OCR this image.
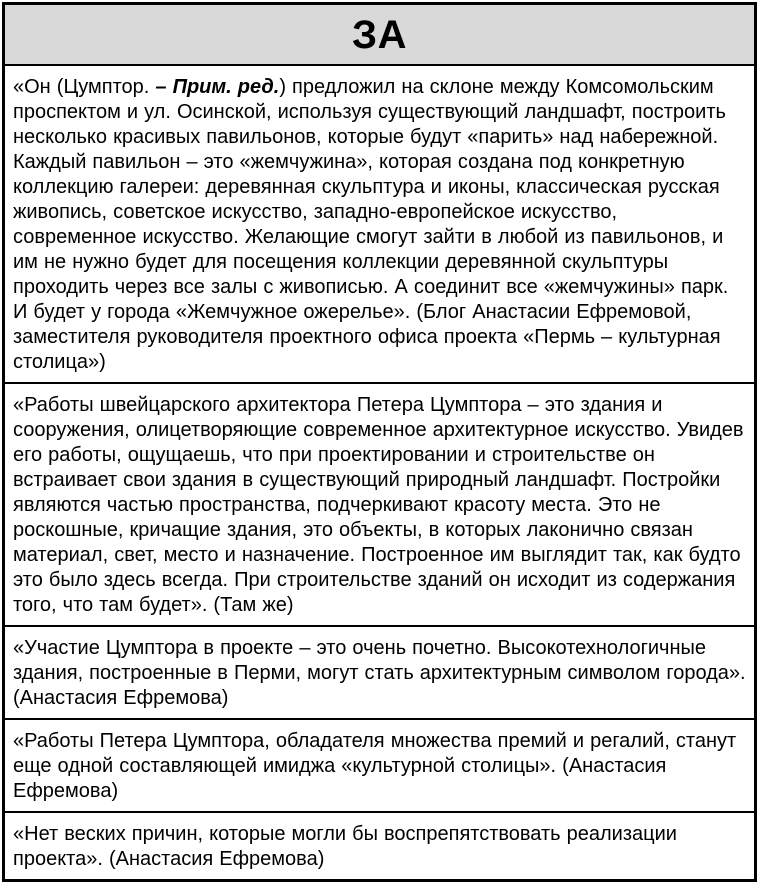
ЗА

«Он (Цумптор. – Прим. ред.) предложил на склоне между Комсомольским проспектом и ул. Осинской, используя существующий ландшафт, построить несколько красивых павильонов, которые будут «парить» над набережной. Каждый павильон – это «жемчужина», которая создана под конкретную коллекцию галереи: деревянная скульптура и иконы, классическая русская живопись, советское искусство, западно-европейское искусство, современное искусство. Желающие смогут зайти в любой из павильонов, и им не нужно будет для посещения коллекции деревянной скульптуры проходить через все залы с живописью. А соединит все «жемчужины» парк. И будет у города «Жемчужное ожерелье». (Блог Анастасии Ефремовой, заместителя руководителя проектного офиса проекта «Пермь – культурная столица»)

«Работы швейцарского архитектора Петера Цумптора – это здания и сооружения, олицетворяющие современное архитектурное искусство. Увидев его работы, ощущаешь, что при проектировании и строительстве он встраивает свои здания в существующий природный ландшафт. Постройки являются частью пространства, подчеркивают красоту места. Это не роскошные, кричащие здания, это объекты, в которых лаконично связан материал, свет, место и назначение. Построенное им выглядит так, как будто это было здесь всегда. При строительстве зданий он исходит из содержания того, что там будет». (Там же)

«Участие Цумптора в проекте – это очень почетно. Высокотехнологичные здания, построенные в Перми, могут стать архитектурным символом города». (Анастасия Ефремова)

«Работы Петера Цумптора, обладателя множества премий и регалий, станут еще одной составляющей имиджа «культурной столицы». (Анастасия Ефремова)

«Нет веских причин, которые могли бы воспрепятствовать реализации проекта». (Анастасия Ефремова)
